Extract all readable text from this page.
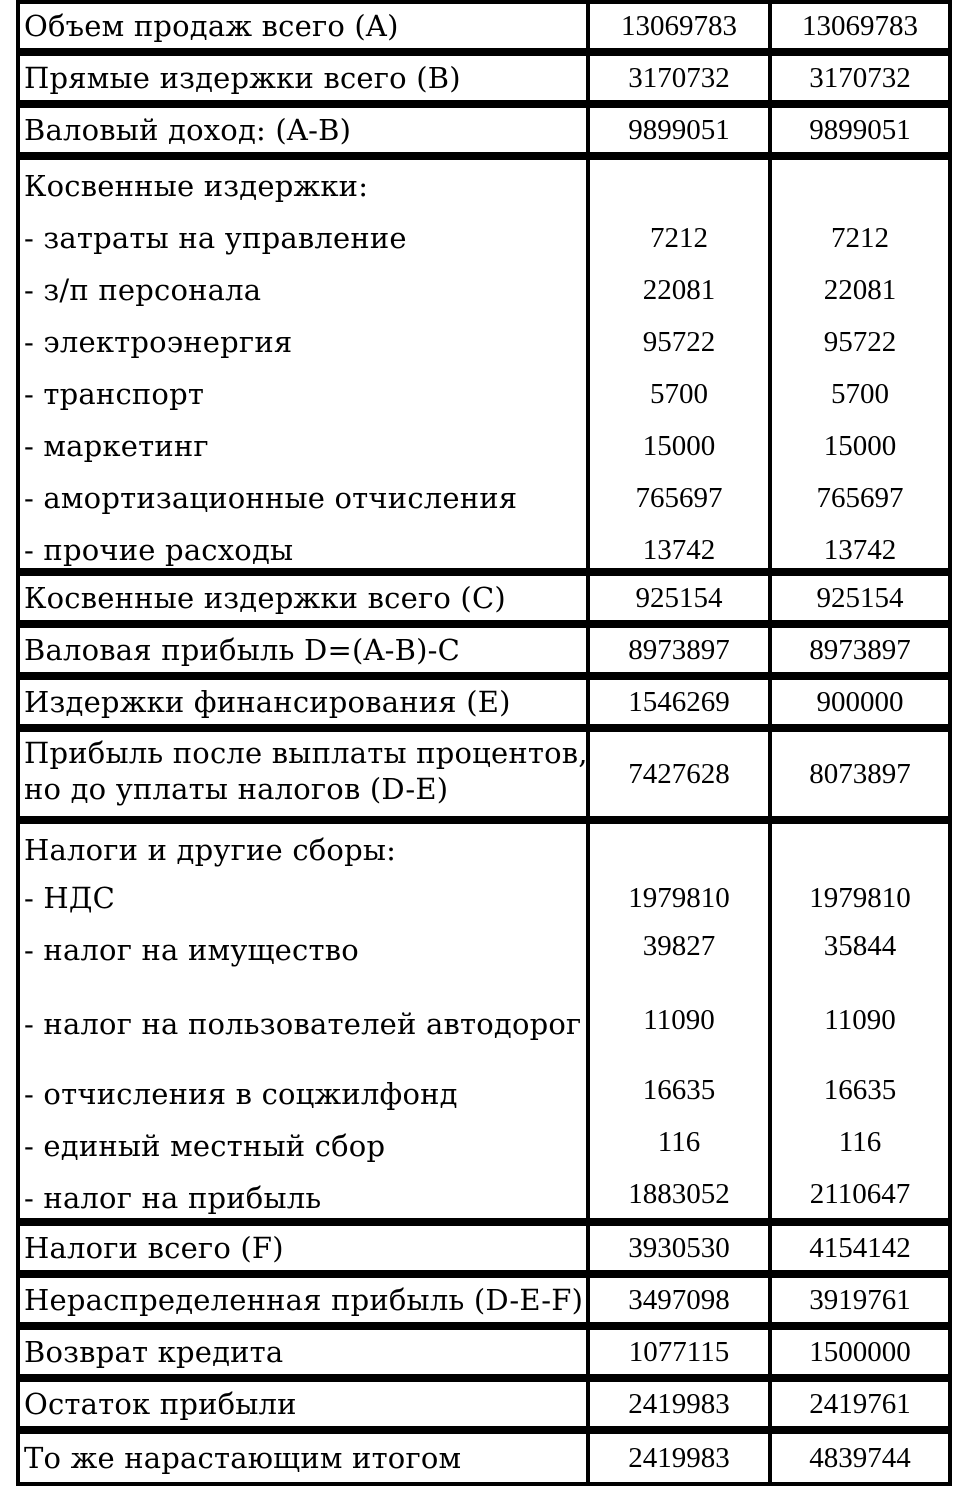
Объем продаж всего (A)	13069783	13069783
Прямые издержки всего (B)	3170732	3170732
Валовый доход: (A-B)	9899051	9899051
Косвенные издержки:
- затраты на управление	7212	7212
- з/п персонала	22081	22081
- электроэнергия	95722	95722
- транспорт	5700	5700
- маркетинг	15000	15000
- амортизационные отчисления	765697	765697
- прочие расходы	13742	13742
Косвенные издержки всего (C)	925154	925154
Валовая прибыль D=(A-B)-C	8973897	8973897
Издержки финансирования (E)	1546269	900000
Прибыль после выплаты процентов,
но до уплаты налогов (D-E)	7427628	8073897
Налоги и другие сборы:
- НДС	1979810	1979810
- налог на имущество	39827	35844
- налог на пользователей автодорог	11090	11090
- отчисления в соцжилфонд	16635	16635
- единый местный сбор	116	116
- налог на прибыль	1883052	2110647
Налоги всего (F)	3930530	4154142
Нераспределенная прибыль (D-E-F)	3497098	3919761
Возврат кредита	1077115	1500000
Остаток прибыли	2419983	2419761
То же нарастающим итогом	2419983	4839744
